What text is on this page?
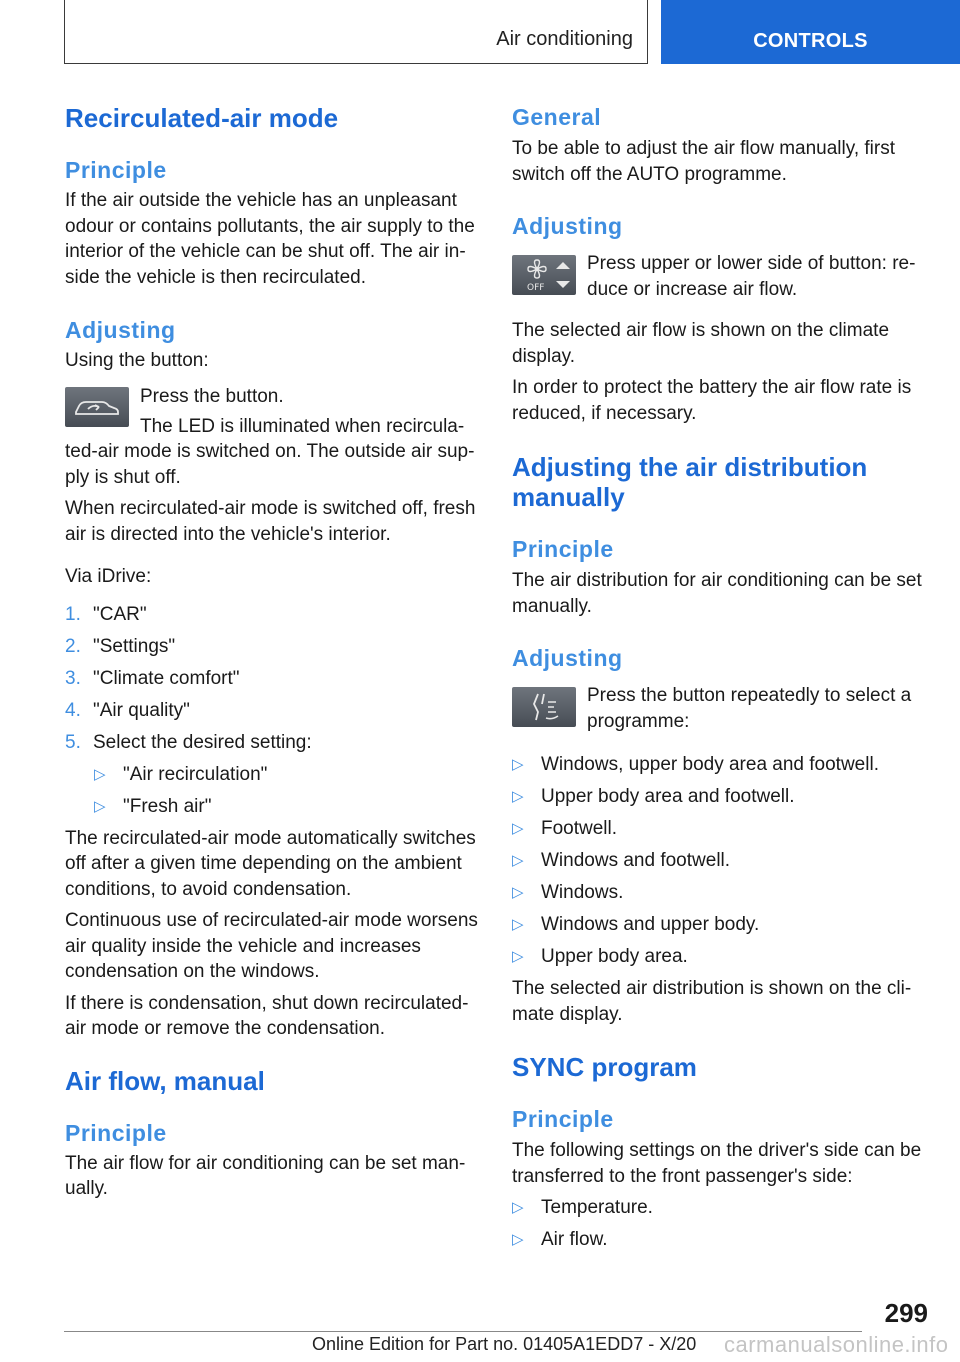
Air conditioning	CONTROLS
Recirculated-air mode
Principle

If the air outside the vehicle has an unpleasant odour or contains pollutants, the air supply to the interior of the vehicle can be shut off. The air inside the vehicle is then recirculated.

Adjusting

Using the button:

Press the button.

The LED is illuminated when recirculated-air mode is switched on. The outside air supply is shut off.

When recirculated-air mode is switched off, fresh air is directed into the vehicle's interior.

Via iDrive:

1. "CAR"
2. "Settings"
3. "Climate comfort"
4. "Air quality"
5. Select the desired setting:
▷ "Air recirculation"
▷ "Fresh air"

The recirculated-air mode automatically switches off after a given time depending on the ambient conditions, to avoid condensation.

Continuous use of recirculated-air mode worsens air quality inside the vehicle and increases condensation on the windows.

If there is condensation, shut down recirculated-air mode or remove the condensation.

Air flow, manual
Principle

The air flow for air conditioning can be set manually.

General

To be able to adjust the air flow manually, first switch off the AUTO programme.

Adjusting
OFF

Press upper or lower side of button: reduce or increase air flow.

The selected air flow is shown on the climate display.

In order to protect the battery the air flow rate is reduced, if necessary.

Adjusting the air distribution manually
Principle

The air distribution for air conditioning can be set manually.

Adjusting

Press the button repeatedly to select a programme:

▷ Windows, upper body area and footwell.
▷ Upper body area and footwell.
▷ Footwell.
▷ Windows and footwell.
▷ Windows.
▷ Windows and upper body.
▷ Upper body area.

The selected air distribution is shown on the climate display.

SYNC program
Principle

The following settings on the driver's side can be transferred to the front passenger's side:

▷ Temperature.
▷ Air flow.
299
Online Edition for Part no. 01405A1EDD7 - X/20 carmanualsonline.info
